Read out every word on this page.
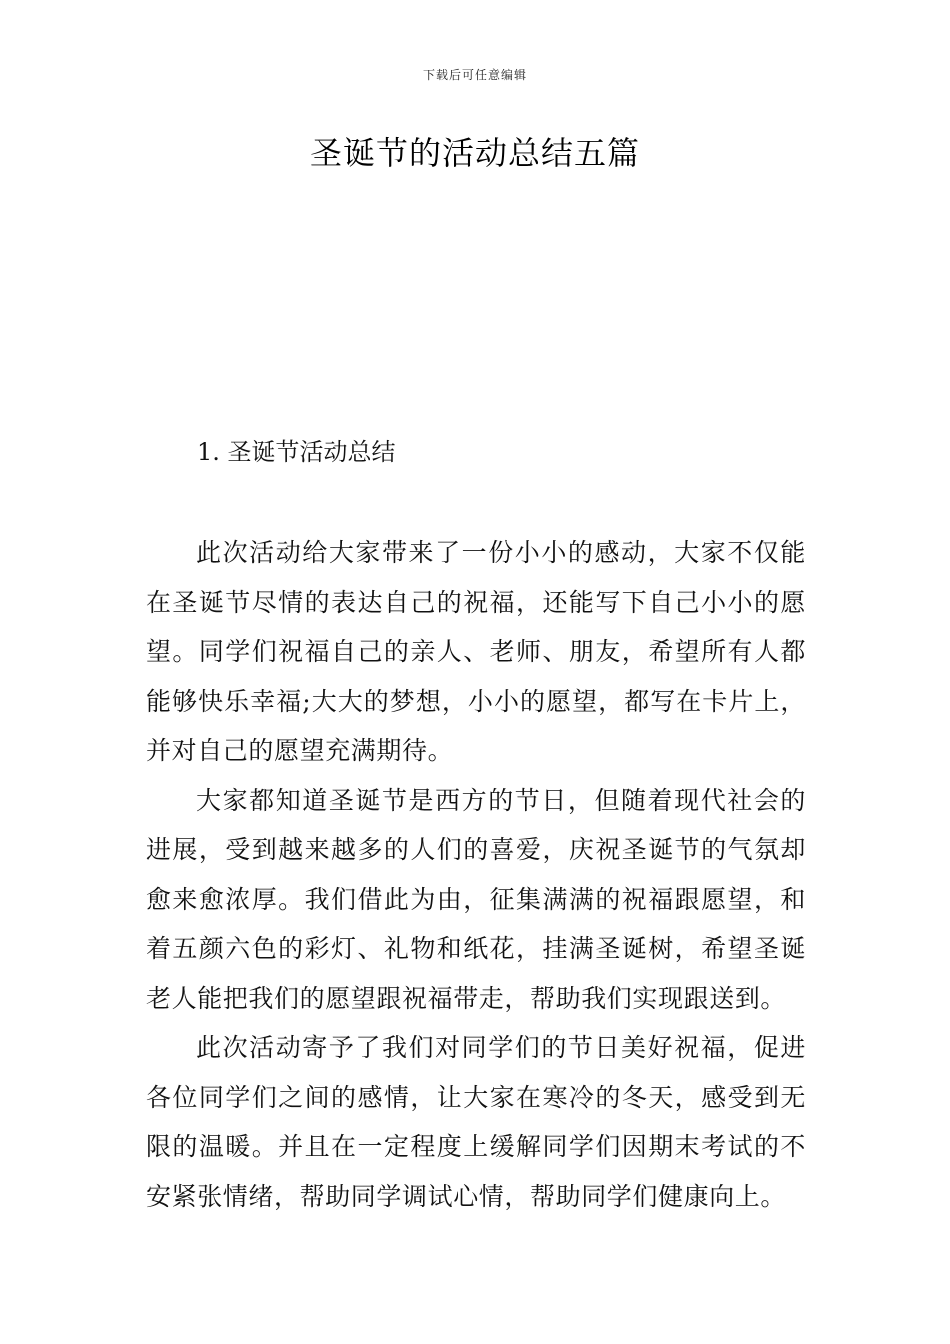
下载后可任意编辑
圣诞节的活动总结五篇
1. 圣诞节活动总结

此次活动给大家带来了一份小小的感动，大家不仅能在圣诞节尽情的表达自己的祝福，还能写下自己小小的愿望。同学们祝福自己的亲人、老师、朋友，希望所有人都能够快乐幸福;大大的梦想，小小的愿望，都写在卡片上，并对自己的愿望充满期待。

大家都知道圣诞节是西方的节日，但随着现代社会的进展，受到越来越多的人们的喜爱，庆祝圣诞节的气氛却愈来愈浓厚。我们借此为由，征集满满的祝福跟愿望，和着五颜六色的彩灯、礼物和纸花，挂满圣诞树，希望圣诞老人能把我们的愿望跟祝福带走，帮助我们实现跟送到。

此次活动寄予了我们对同学们的节日美好祝福，促进各位同学们之间的感情，让大家在寒冷的冬天，感受到无限的温暖。并且在一定程度上缓解同学们因期末考试的不安紧张情绪，帮助同学调试心情，帮助同学们健康向上。
